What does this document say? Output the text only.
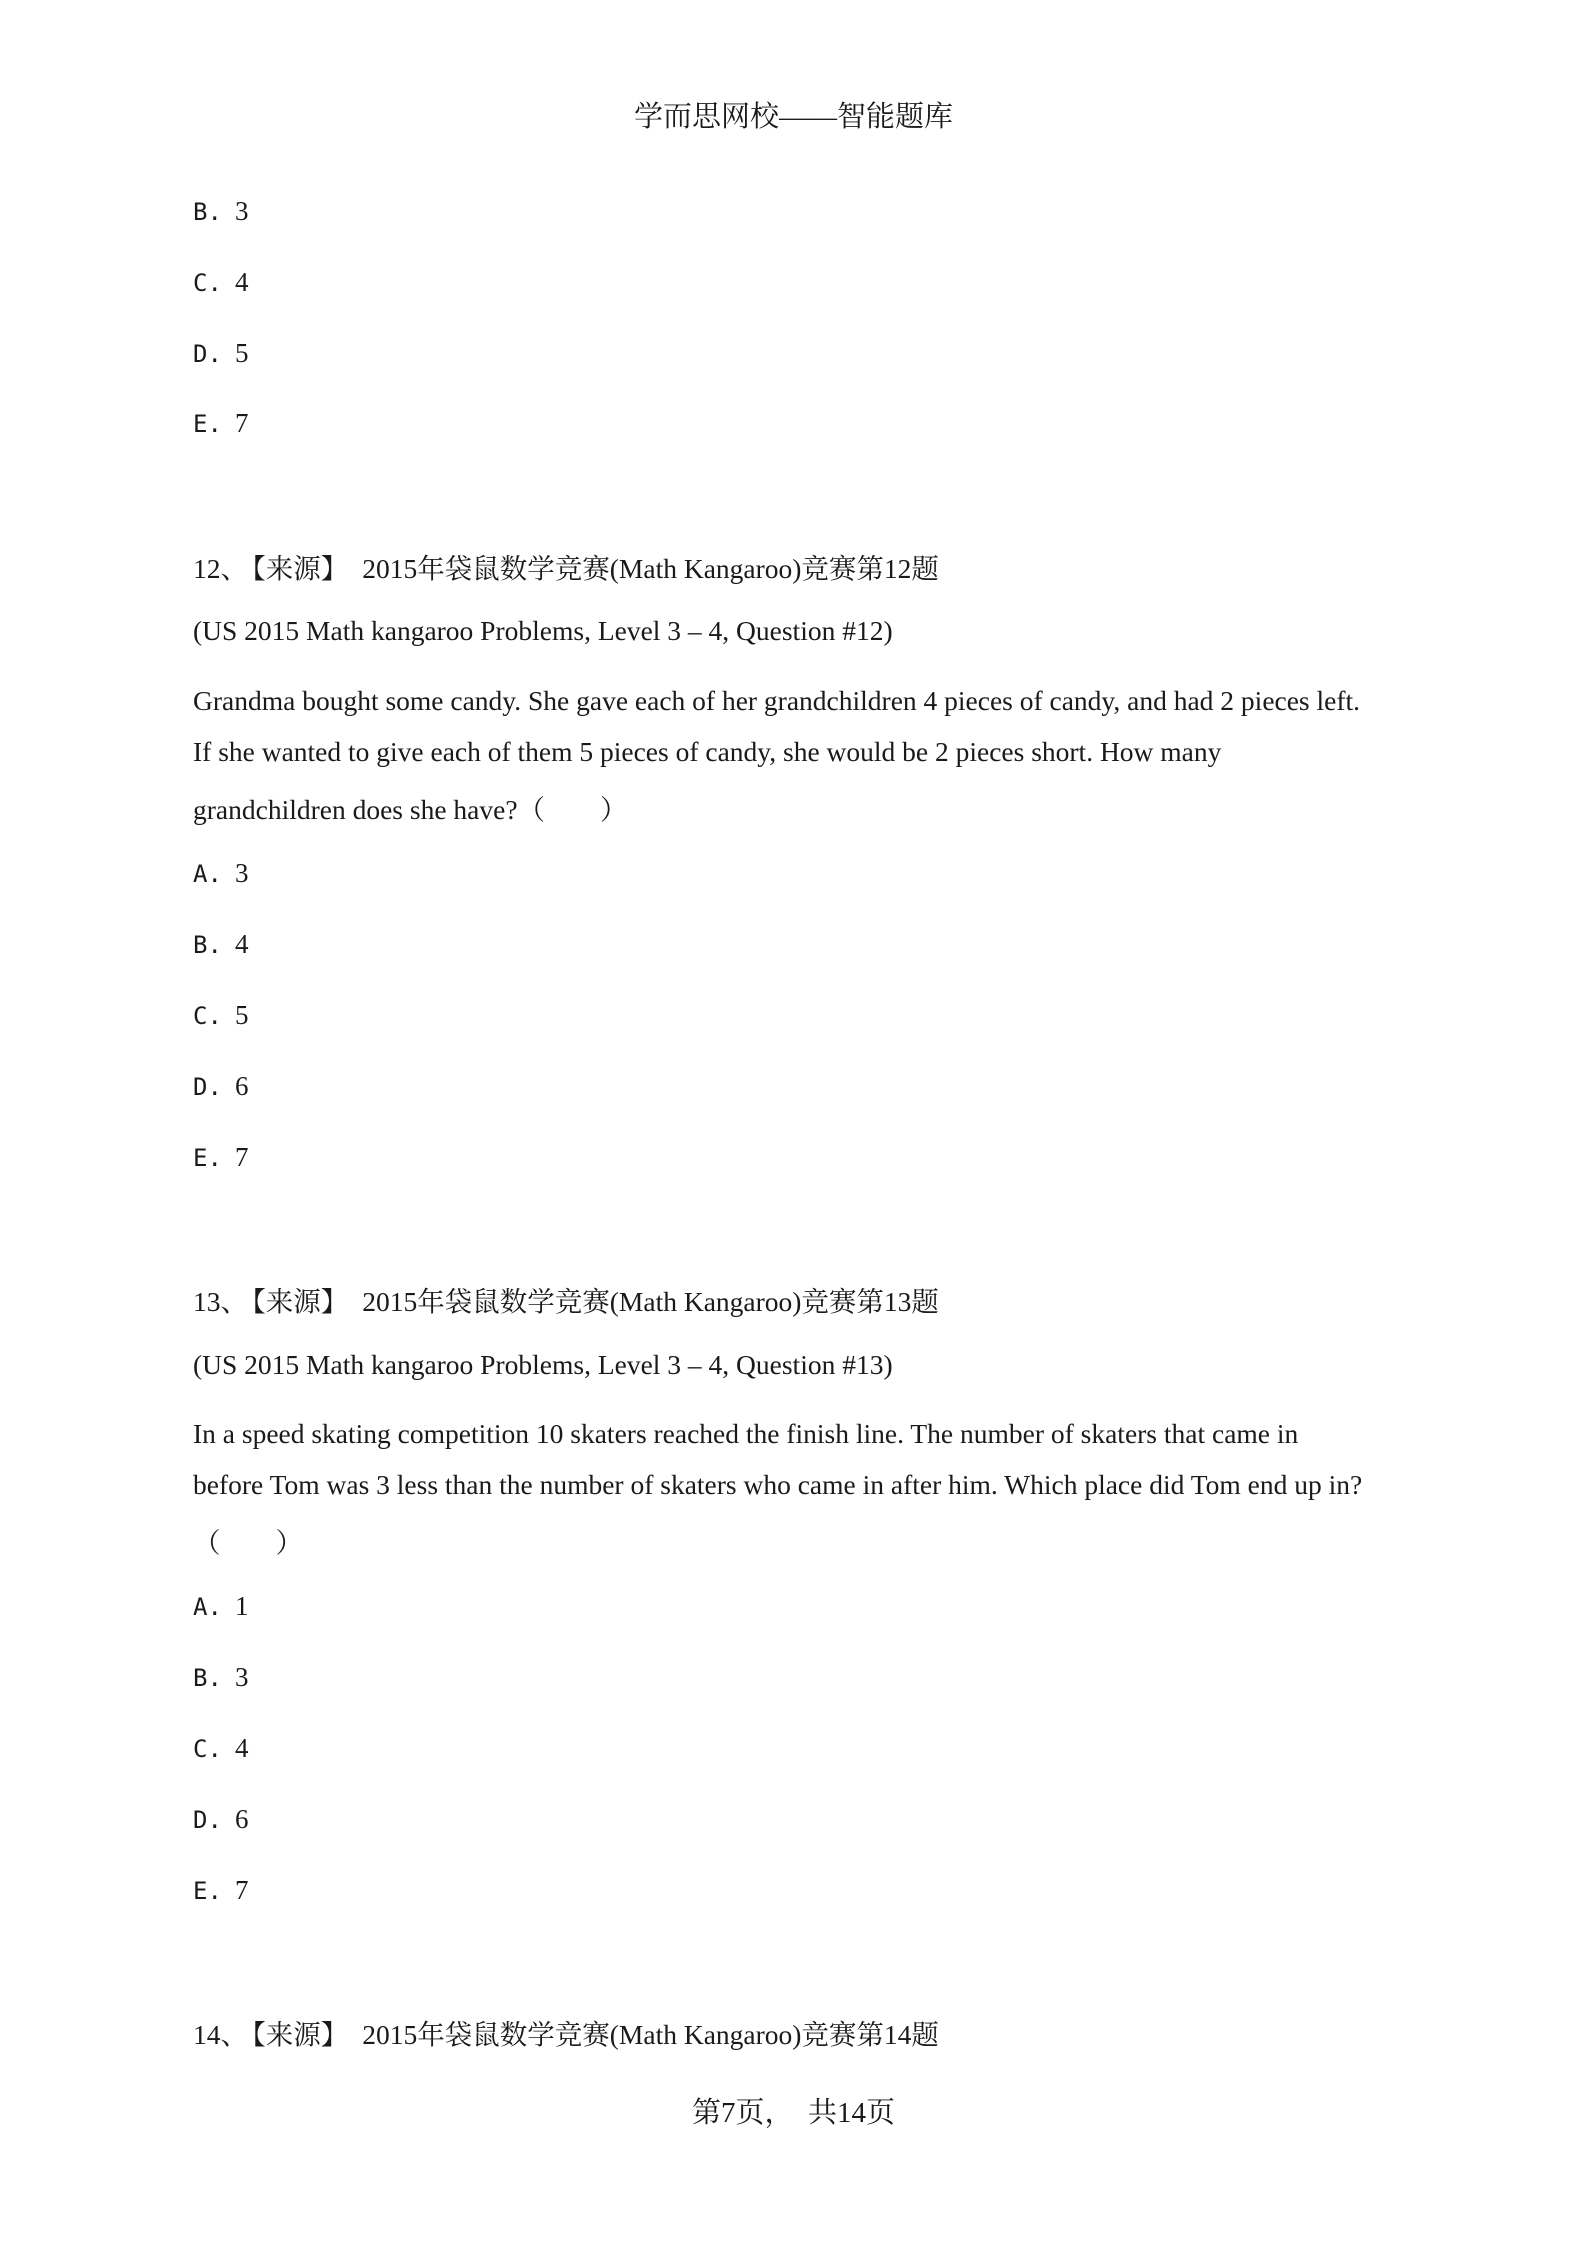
学而思网校——智能题库
B. 3
C. 4
D. 5
E. 7
12、 【来源】 2015年袋鼠数学竞赛(Math Kangaroo)竞赛第12题
(US 2015 Math kangaroo Problems, Level 3 – 4, Question #12)
Grandma bought some candy. She gave each of her grandchildren 4 pieces of candy, and had 2 pieces left.
If she wanted to give each of them 5 pieces of candy, she would be 2 pieces short. How many
grandchildren does she have?（　　）
A. 3
B. 4
C. 5
D. 6
E. 7
13、 【来源】 2015年袋鼠数学竞赛(Math Kangaroo)竞赛第13题
(US 2015 Math kangaroo Problems, Level 3 – 4, Question #13)
In a speed skating competition 10 skaters reached the finish line. The number of skaters that came in
before Tom was 3 less than the number of skaters who came in after him. Which place did Tom end up in?
（　　）
A. 1
B. 3
C. 4
D. 6
E. 7
14、 【来源】 2015年袋鼠数学竞赛(Math Kangaroo)竞赛第14题
第7页，　共14页
